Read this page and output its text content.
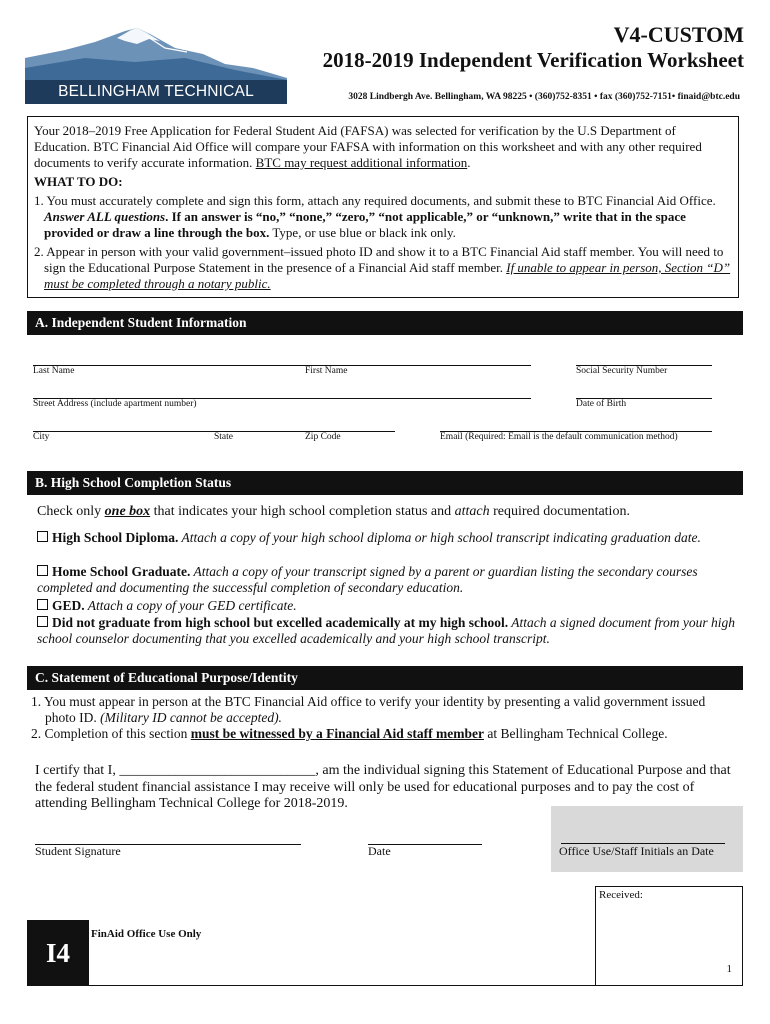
BELLINGHAM TECHNICAL COLLEGE
V4-CUSTOM
2018-2019 Independent Verification Worksheet
3028 Lindbergh Ave. Bellingham, WA 98225 • (360)752-8351 • fax (360)752-7151• finaid@btc.edu

Your 2018–2019 Free Application for Federal Student Aid (FAFSA) was selected for verification by the U.S Department of Education. BTC Financial Aid Office will compare your FAFSA with information on this worksheet and with any other required documents to verify accurate information. BTC may request additional information.

WHAT TO DO:

1. You must accurately complete and sign this form, attach any required documents, and submit these to BTC Financial Aid Office. Answer ALL questions. If an answer is “no,” “none,” “zero,” “not applicable,” or “unknown,” write that in the space provided or draw a line through the box. Type, or use blue or black ink only.

2. Appear in person with your valid government–issued photo ID and show it to a BTC Financial Aid staff member. You will need to sign the Educational Purpose Statement in the presence of a Financial Aid staff member. If unable to appear in person, Section “D” must be completed through a notary public.

A. Independent Student Information
Last Name	First Name	Social Security Number
Street Address (include apartment number)	Date of Birth
City	State	Zip Code	Email (Required: Email is the default communication method)
B. High School Completion Status
Check only one box that indicates your high school completion status and attach required documentation.
High School Diploma. Attach a copy of your high school diploma or high school transcript indicating graduation date.
Home School Graduate. Attach a copy of your transcript signed by a parent or guardian listing the secondary courses completed and documenting the successful completion of secondary education.
GED. Attach a copy of your GED certificate.
Did not graduate from high school but excelled academically at my high school. Attach a signed document from your high school counselor documenting that you excelled academically and your high school transcript.
C. Statement of Educational Purpose/Identity
1. You must appear in person at the BTC Financial Aid office to verify your identity by presenting a valid government issued photo ID. (Military ID cannot be accepted).
2. Completion of this section must be witnessed by a Financial Aid staff member at Bellingham Technical College.
I certify that I, ____________________________, am the individual signing this Statement of Educational Purpose and that the federal student financial assistance I may receive will only be used for educational purposes and to pay the cost of attending Bellingham Technical College for 2018-2019.
Student Signature	Date	Office Use/Staff Initials an Date
Received:
1
I4
FinAid Office Use Only
